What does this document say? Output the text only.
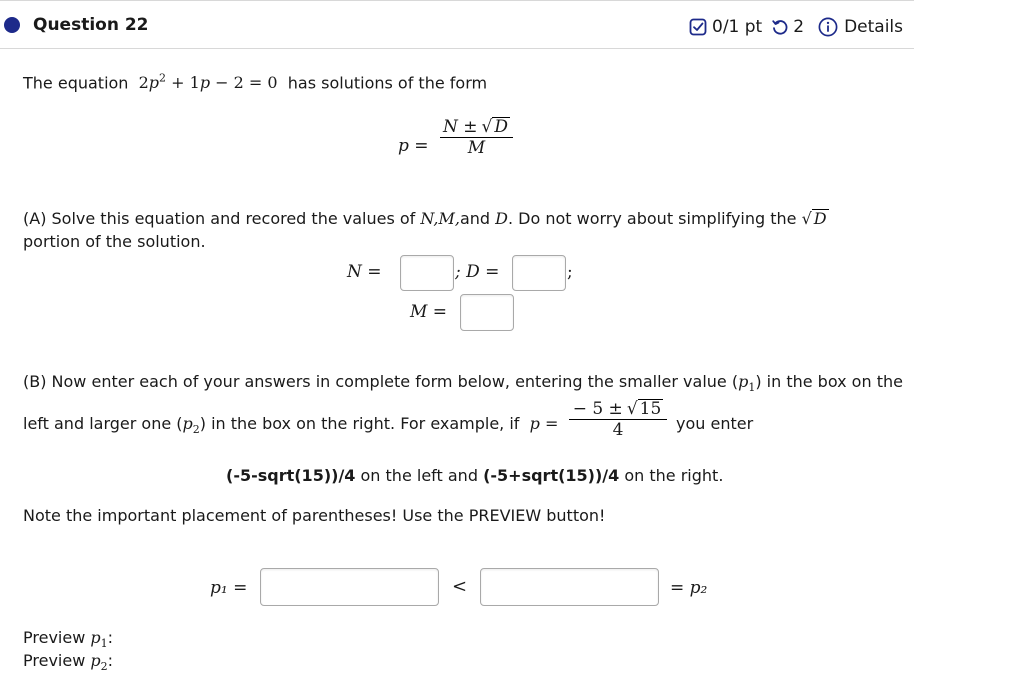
Question 22	0/1 pt 2 Details
The equation  $2p^2 + 1p - 2 = 0$  has solutions of the form
p =
N ± √ D
M
(A) Solve this equation and recored the values of N,M,and D. Do not worry about simplifying the √ D
portion of the solution.
N =	; D =	;
M =
(B) Now enter each of your answers in complete form below, entering the smaller value $(p_1)$ in the box on the
left and larger one $(p_2)$ in the box on the right. For example, if  p =
− 5 ± √ 15
4	you enter
(-5-sqrt(15))/4 on the left and (-5+sqrt(15))/4 on the right.
Note the important placement of parentheses! Use the PREVIEW button!
p₁ =	<	= p₂
Preview $p_1$:
Preview $p_2$:
